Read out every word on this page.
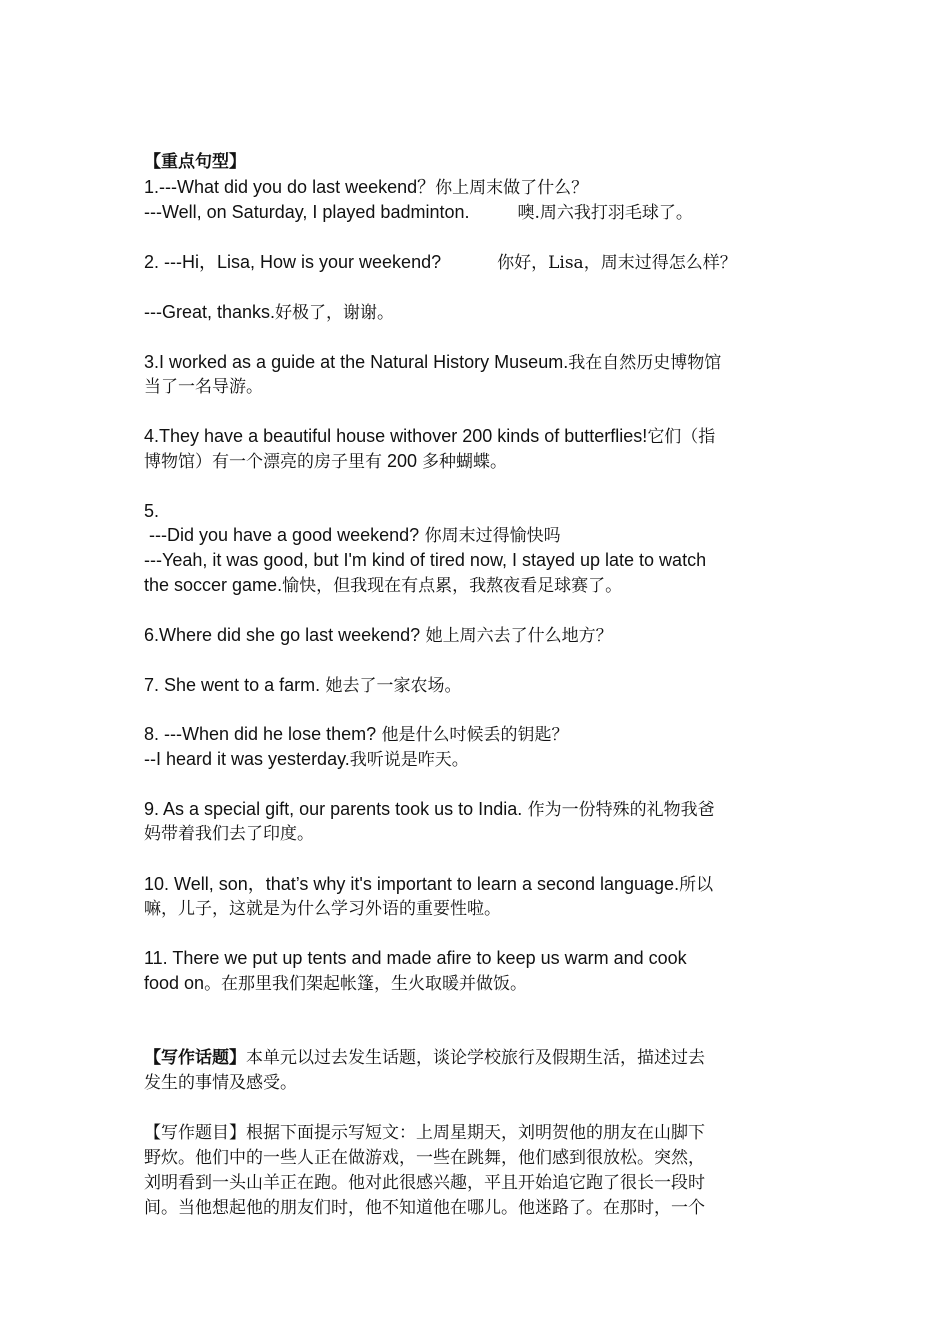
【重点句型】
1.---What did you do last weekend？你上周末做了什么？
---Well, on Saturday, I played badminton.	噢.周六我打羽毛球了。
2. ---Hi，Lisa, How is your weekend?	你好，Lisa，周末过得怎么样？
---Great, thanks.好极了，谢谢。
3.I worked as a guide at the Natural History Museum.我在自然历史博物馆
当了一名导游。
4.They have a beautiful house withover 200 kinds of butterflies!它们（指
博物馆）有一个漂亮的房子里有 200 多种蝴蝶。
5.
---Did you have a good weekend? 你周末过得愉快吗
---Yeah, it was good, but I'm kind of tired now, I stayed up late to watch
the soccer game.愉快，但我现在有点累，我熬夜看足球赛了。
6.Where did she go last weekend? 她上周六去了什么地方？
7. She went to a farm. 她去了一家农场。
8. ---When did he lose them? 他是什么吋候丢的钥匙？
--I heard it was yesterday.我听说是咋天。
9. As a special gift, our parents took us to India. 作为一份特殊的礼物我爸
妈带着我们去了印度。
10. Well, son，that’s why it's important to learn a second language.所以
嘛，儿子，这就是为什么学习外语的重要性啦。
11. There we put up tents and made afire to keep us warm and cook
food on。在那里我们架起帐篷，生火取暖并做饭。
【写作话题】本单元以过去发生话题，谈论学校旅行及假期生活，描述过去
发生的事情及感受。
【写作题目】根据下面提示写短文：上周星期天，刘明贺他的朋友在山脚下
野炊。他们中的一些人正在做游戏，一些在跳舞，他们感到很放松。突然，
刘明看到一头山羊正在跑。他对此很感兴趣，平且开始追它跑了很长一段时
间。当他想起他的朋友们时，他不知道他在哪儿。他迷路了。在那时，一个
